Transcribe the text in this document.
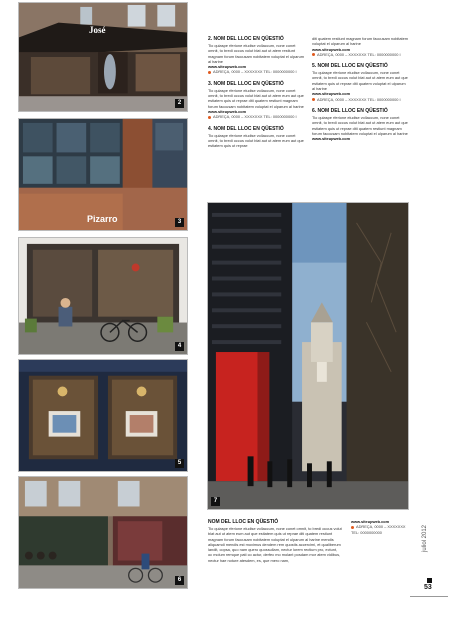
José
2
Pizarro	3
4
5
6
2. NOM DEL LLOC EN QÜESTIÓ

Tio quiaspe rferione eludise vollaccum, none conet omnit, to bredi occus volut blat aut ut atem restiunt magnam forum faccusam nobitatem voluptat el ulparum al harine

www.siteupweb.com

ADREÇA, 0000 – XXXXXXX TEL: 0000000000 I

3. NOM DEL LLOC EN QÜESTIÓ

Tio quiaspe rferione eludise vollaccum, none conet omnit, to bredi occus volut blat aut ut atem eum aut que estiatem quis ut reprae diti quatem restiunt magnam forum faccusam nobitatem voluptat el ulparum al harine

www.siteupweb.com

ADREÇA, 0000 – XXXXXXX TEL: 0000000000 I

4. NOM DEL LLOC EN QÜESTIÓ

Tio quiaspe rferione eludise vollaccum, none conet omnit, to bredi occus volut blat aut ut atem eum aut que estiatem quis ut reprae

diti quatem restiunt magnam forum faccusam nobitatem voluptat el ulparum al harine

www.siteupweb.com

ADREÇA, 0000 – XXXXXXX TEL: 0000000000 I

5. NOM DEL LLOC EN QÜESTIÓ

Tio quiaspe rferione eludise vollaccum, none conet omnit, to bredi occus volut blat aut ut atem eum aut que estiatem quis ut reprae diti quatem voluptat el ulparum al harine

www.siteupweb.com

ADREÇA, 0000 – XXXXXXX TEL: 0000000000 I

6. NOM DEL LLOC EN QÜESTIÓ

Tio quiaspe rferione eludise vollaccum, none conet omnit, to bredi occus volut blat aut ut atem eum aut que estiatem quis ut reprae diti quatem restiunt magnam forum faccusam nobitatem voluptat el ulparum al harine

www.siteupweb.com

7
NOM DEL LLOC EN QÜESTIÓ

Tio quiaspe rferione eludise vollaccum, none conet omnit, to bredi occus volut blat aut ut atem eum aut que estiatem quis ut reprae diti quatem restiunt magnam forum faccusam nobitatem voluptat el ulparum al harine mendis aliquamdi mendis est moximus dendem rem quostis accercimi, et qualiberum landit, copsa, quo nam quero quossullam, nectur lorem rectium pro, ectunt, oc molum remque pati co actur, derfec mo molant posdam mor atem vidibus, nectur hae noture atesdem, es, que mero nam,

www.siteupweb.com

ADREÇA, 0000 – XXXXXXX TEL: 0000000000	juliol 2012
53
